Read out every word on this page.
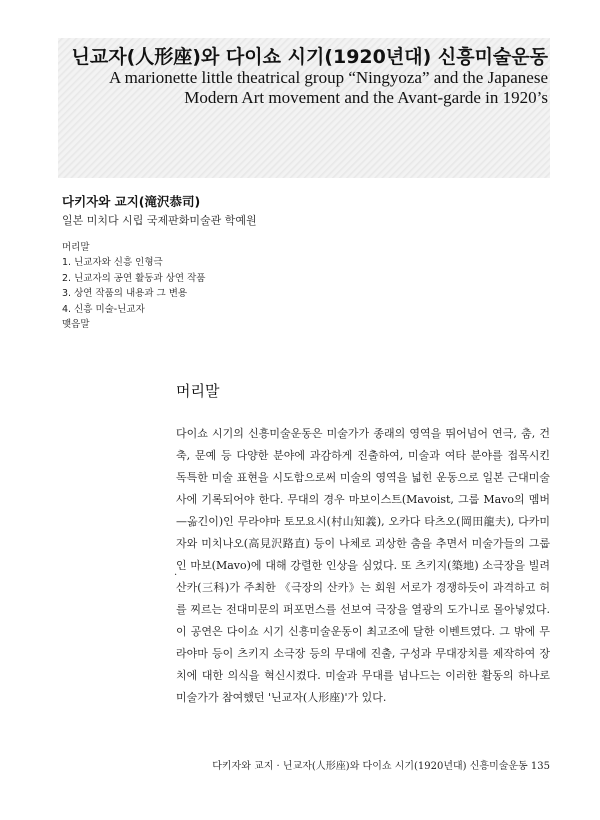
닌교자(人形座)와 다이쇼 시기(1920년대) 신흥미술운동
A marionette little theatrical group “Ningyoza” and the Japanese Modern Art movement and the Avant-garde in 1920’s
다키자와 교지(滝沢恭司)
일본 미치다 시립 국제판화미술관 학예원
머리말
1. 닌교자와 신흥 인형극
2. 닌교자의 공연 활동과 상연 작품
3. 상연 작품의 내용과 그 변용
4. 신흥 미술-닌교자
맺음말
머리말

다이쇼 시기의 신흥미술운동은 미술가가 종래의 영역을 뛰어넘어 연극, 춤, 건축, 문예 등 다양한 분야에 과감하게 진출하여, 미술과 여타 분야를 접목시킨 독특한 미술 표현을 시도함으로써 미술의 영역을 넓힌 운동으로 일본 근대미술사에 기록되어야 한다. 무대의 경우 마보이스트(Mavoist, 그룹 Mavo의 멤버—옮긴이)인 무라야마 토모요시(村山知義), 오카다 타츠오(岡田龍夫), 다카미자와 미치나오(高見沢路直) 등이 나체로 괴상한 춤을 추면서 미술가들의 그룹인 마보(Mavo)에 대해 강렬한 인상을 심었다. 또 츠키지(築地) 소극장을 빌려 산카(三科)가 주최한 《극장의 산카》는 회원 서로가 경쟁하듯이 과격하고 허를 찌르는 전대미문의 퍼포먼스를 선보여 극장을 열광의 도가니로 몰아넣었다. 이 공연은 다이쇼 시기 신흥미술운동이 최고조에 달한 이벤트였다. 그 밖에 무라야마 등이 츠키지 소극장 등의 무대에 진출, 구성과 무대장치를 제작하여 장치에 대한 의식을 혁신시켰다. 미술과 무대를 넘나드는 이러한 활동의 하나로 미술가가 참여했던 '닌교자(人形座)'가 있다.

.
다키자와 교지 · 닌교자(人形座)와 다이쇼 시기(1920년대) 신흥미술운동 135
